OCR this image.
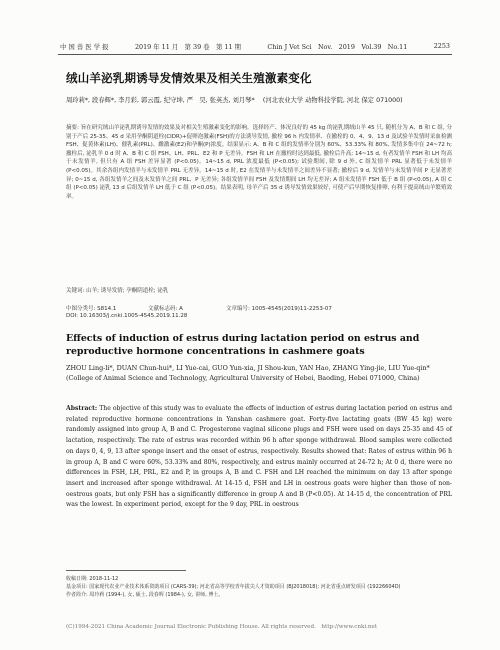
中 国 兽 医 学 报	2019 年 11 月　第 39 卷　第 11 期	Chin J Vet Sci　Nov.　2019　Vol.39　No.11	2253
绒山羊泌乳期诱导发情效果及相关生殖激素变化
周玲莉*, 段春辉*, 李月彩, 郭云霞, 纪守坤, 严　昊, 张英杰, 刘月琴* 　(河北农业大学 动物科技学院, 河北 保定 071000)
摘要: 旨在研究绒山羊泌乳期诱导发情的效果及对相关生殖激素变化的影响。选择经产、体况良好的 45 kg 的泌乳期绒山羊 45 只, 随机分为 A、B 和 C 组, 分别于产后 25-35、45 d 采用孕酮阴道栓(CIDR)+促卵泡激素(FSH)的方法诱导发情, 撤栓 96 h 内发情率、在撤栓的 0、4、9、13 d 及试验羊发情时采血检测 FSH、促黄体素(LH)、催乳素(PRL)、雌激素(E2)和孕酮(P)浓度。结果显示: A、B 和 C 组的发情率分别为 60%、53.33% 和 80%, 发情多集中在 24~72 h; 撤栓后, 泌乳羊 0 d 时 A、B 和 C 组 FSH、LH、PRL、E2 和 P 无差异。FSH 和 LH 在撤栓时达到最低, 撤栓后升高; 14~15 d, 有者发情羊 FSH 和 LH 均高于未发情羊, 但只有 A 组 FSH 差异显著 (P<0.05)。14~15 d, PRL 浓度最低 (P<0.05); 试验期间, 除 9 d 外, C 组发情羊 PRL 显著低于未发情羊 (P<0.05)。其余各组内发情羊与未发情羊 PRL 无差异。14~15 d 时, E2 在发情羊与未发情羊之间差异不显著; 撤栓后 9 d, 发情羊与未发情羊间 P 无显著差异; 0~15 d, 各组发情羊之间及未发情羊之间 PRL、P 无差异; 各组发情羊间 FSH 及发情期间 LH 均无差异; A 组未发情羊 FSH 低于 B 组 (P<0.05), A 组 C 组 (P<0.05) 泌乳 13 d 后组发情羊 LH 低于 C 组 (P<0.05)。结果表明, 母羊产后 35 d 诱导发情效果较好, 可使产后早期恢复排卵, 有利于提高绒山羊繁殖效率。
关键词: 山羊; 诱导发情; 孕酮阴道栓; 泌乳
中图分类号: S814.1	文献标志码: A	文章编号: 1005-4545(2019)11-2253-07
DOI: 10.16303/j.cnki.1005-4545.2019.11.28
Effects of induction of estrus during lactation period on estrus and reproductive hormone concentrations in cashmere goats
ZHOU Ling-li*, DUAN Chun-hui*, LI Yue-cai, GUO Yun-xia, JI Shou-kun, YAN Hao, ZHANG Ying-jie, LIU Yue-qin*　(College of Animal Science and Technology, Agricultural University of Hebei, Baoding, Hebei 071000, China)
Abstract: The objective of this study was to evaluate the effects of induction of estrus during lactation period on estrus and related reproductive hormone concentrations in Yanshan cashmere goat. Forty-five lactating goats (BW 45 kg) were randomly assigned into group A, B and C. Progesterone vaginal silicone plugs and FSH were used on days 25-35 and 45 of lactation, respectively. The rate of estrus was recorded within 96 h after sponge withdrawal. Blood samples were collected on days 0, 4, 9, 13 after sponge insert and the onset of estrus, respectively. Results showed that: Rates of estrus within 96 h in group A, B and C were 60%, 53.33% and 80%, respectively, and estrus mainly occurred at 24-72 h; At 0 d, there were no differences in FSH, LH, PRL, E2 and P, in groups A, B and C. FSH and LH reached the minimum on day 13 after sponge insert and increased after sponge withdrawal. At 14-15 d, FSH and LH in oestrous goats were higher than those of non-oestrous goats, but only FSH has a significantly difference in group A and B (P<0.05). At 14-15 d, the concentration of PRL was the lowest. In experiment period, except for the 9 day, PRL in oestrous
收稿日期: 2018-11-12
基金项目: 国家现代农业产业技术体系资助项目 (CARS-39); 河北省高等学校青年拔尖人才资助项目 (BJ2018018); 河北省重点研发项目 (19226604D)
作者简介: 周玲莉 (1994-), 女, 硕士, 段春辉 (1984-), 女, 讲师, 博士。
(C)1994-2021 China Academic Journal Electronic Publishing House. All rights reserved.　http://www.cnki.net
